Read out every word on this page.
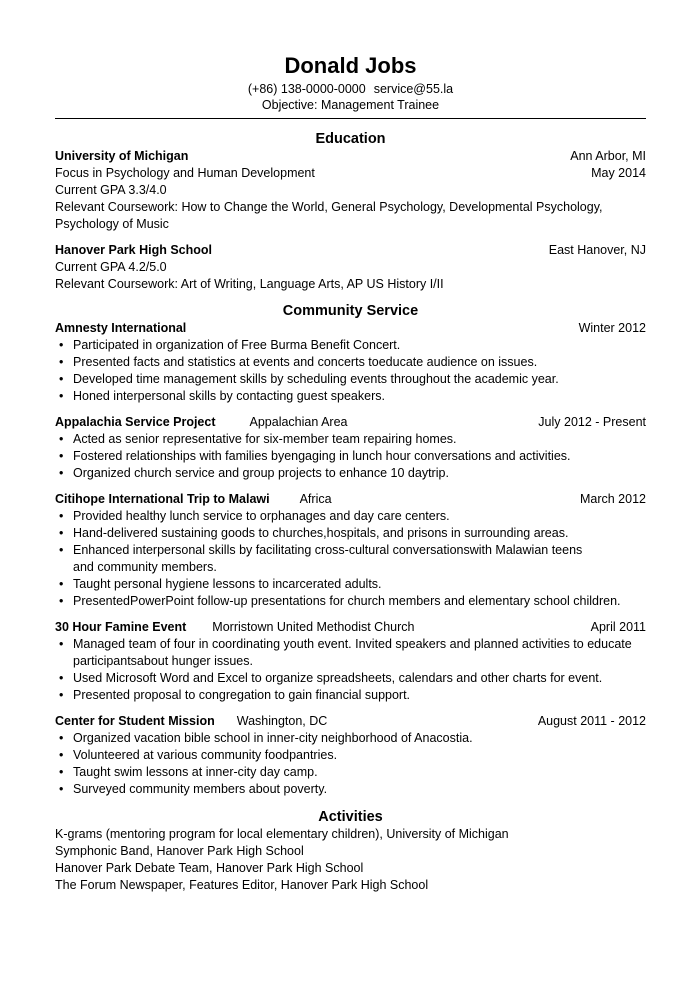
Donald Jobs
(+86) 138-0000-0000 service@55.la
Objective: Management Trainee
Education
University of Michigan	Ann Arbor, MI
Focus in Psychology and Human Development	May 2014
Current GPA 3.3/4.0
Relevant Coursework: How to Change the World, General Psychology, Developmental Psychology, Psychology of Music
Hanover Park High School	East Hanover, NJ
Current GPA 4.2/5.0
Relevant Coursework: Art of Writing, Language Arts, AP US History I/II
Community Service
Amnesty International	Winter 2012
• Participated in organization of Free Burma Benefit Concert.
• Presented facts and statistics at events and concerts toeducate audience on issues.
• Developed time management skills by scheduling events throughout the academic year.
• Honed interpersonal skills by contacting guest speakers.
Appalachia Service Project	Appalachian Area	July 2012 - Present
• Acted as senior representative for six-member team repairing homes.
• Fostered relationships with families byengaging in lunch hour conversations and activities.
• Organized church service and group projects to enhance 10 daytrip.
Citihope International Trip to Malawi Africa	March 2012
• Provided healthy lunch service to orphanages and day care centers.
• Hand-delivered sustaining goods to churches,hospitals, and prisons in surrounding areas.
• Enhanced interpersonal skills by facilitating cross-cultural conversationswith Malawian teens and community members.
• Taught personal hygiene lessons to incarcerated adults.
• PresentedPowerPoint follow-up presentations for church members and elementary school children.
30 Hour Famine Event Morristown United Methodist Church	April 2011
• Managed team of four in coordinating youth event. Invited speakers and planned activities to educate participantsabout hunger issues.
• Used Microsoft Word and Excel to organize spreadsheets, calendars and other charts for event.
• Presented proposal to congregation to gain financial support.
Center for Student Mission Washington, DC	August 2011 - 2012
• Organized vacation bible school in inner-city neighborhood of Anacostia.
• Volunteered at various community foodpantries.
• Taught swim lessons at inner-city day camp.
• Surveyed community members about poverty.
Activities
K-grams (mentoring program for local elementary children), University of Michigan
Symphonic Band, Hanover Park High School
Hanover Park Debate Team, Hanover Park High School
The Forum Newspaper, Features Editor, Hanover Park High School
